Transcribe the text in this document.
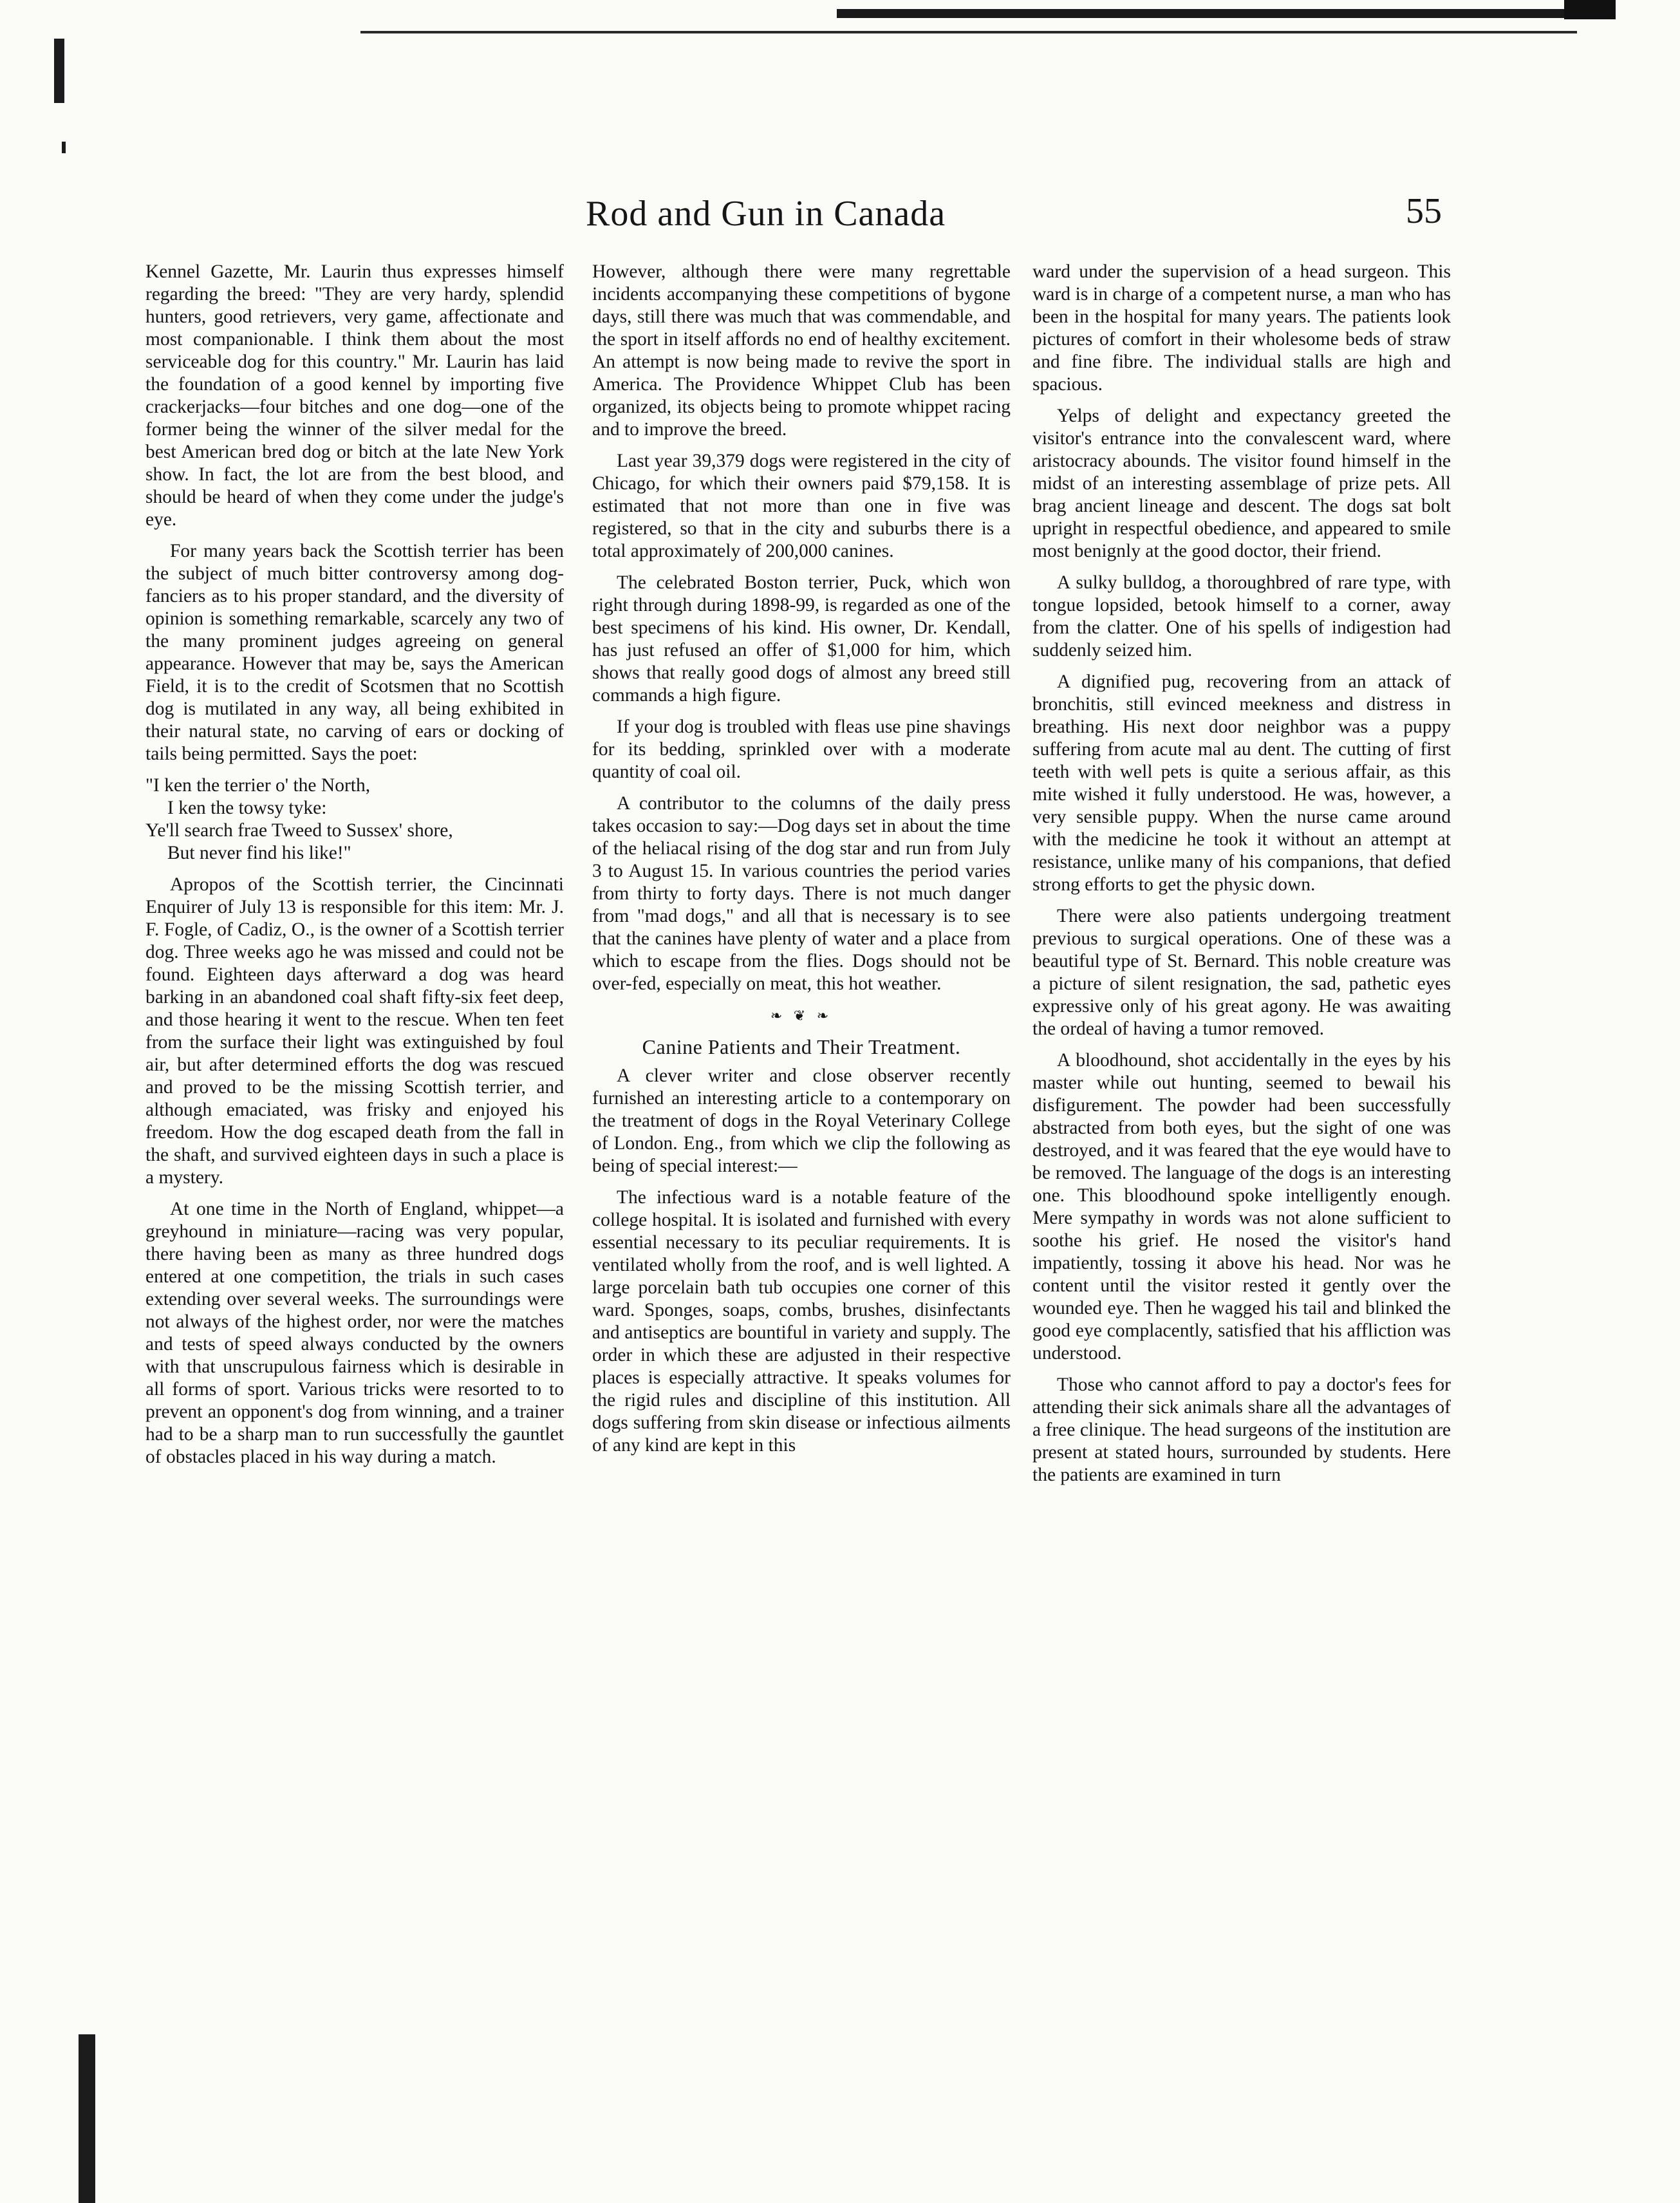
Rod and Gun in Canada	55

Kennel Gazette, Mr. Laurin thus expresses himself regarding the breed: "They are very hardy, splendid hunters, good retrievers, very game, affectionate and most companionable. I think them about the most serviceable dog for this country." Mr. Laurin has laid the foundation of a good kennel by importing five crackerjacks—four bitches and one dog—one of the former being the winner of the silver medal for the best American bred dog or bitch at the late New York show. In fact, the lot are from the best blood, and should be heard of when they come under the judge's eye.

For many years back the Scottish terrier has been the subject of much bitter controversy among dog-fanciers as to his proper standard, and the diversity of opinion is something remarkable, scarcely any two of the many prominent judges agreeing on general appearance. However that may be, says the American Field, it is to the credit of Scotsmen that no Scottish dog is mutilated in any way, all being exhibited in their natural state, no carving of ears or docking of tails being permitted. Says the poet:

"I ken the terrier o' the North,
I ken the towsy tyke:
Ye'll search frae Tweed to Sussex' shore,
But never find his like!"

Apropos of the Scottish terrier, the Cincinnati Enquirer of July 13 is responsible for this item: Mr. J. F. Fogle, of Cadiz, O., is the owner of a Scottish terrier dog. Three weeks ago he was missed and could not be found. Eighteen days afterward a dog was heard barking in an abandoned coal shaft fifty-six feet deep, and those hearing it went to the rescue. When ten feet from the surface their light was extinguished by foul air, but after determined efforts the dog was rescued and proved to be the missing Scottish terrier, and although emaciated, was frisky and enjoyed his freedom. How the dog escaped death from the fall in the shaft, and survived eighteen days in such a place is a mystery.

At one time in the North of England, whippet—a greyhound in miniature—racing was very popular, there having been as many as three hundred dogs entered at one competition, the trials in such cases extending over several weeks. The surroundings were not always of the highest order, nor were the matches and tests of speed always conducted by the owners with that unscrupulous fairness which is desirable in all forms of sport. Various tricks were resorted to to prevent an opponent's dog from winning, and a trainer had to be a sharp man to run successfully the gauntlet of obstacles placed in his way during a match.

However, although there were many regrettable incidents accompanying these competitions of bygone days, still there was much that was commendable, and the sport in itself affords no end of healthy excitement. An attempt is now being made to revive the sport in America. The Providence Whippet Club has been organized, its objects being to promote whippet racing and to improve the breed.

Last year 39,379 dogs were registered in the city of Chicago, for which their owners paid $79,158. It is estimated that not more than one in five was registered, so that in the city and suburbs there is a total approximately of 200,000 canines.

The celebrated Boston terrier, Puck, which won right through during 1898-99, is regarded as one of the best specimens of his kind. His owner, Dr. Kendall, has just refused an offer of $1,000 for him, which shows that really good dogs of almost any breed still commands a high figure.

If your dog is troubled with fleas use pine shavings for its bedding, sprinkled over with a moderate quantity of coal oil.

A contributor to the columns of the daily press takes occasion to say:—Dog days set in about the time of the heliacal rising of the dog star and run from July 3 to August 15. In various countries the period varies from thirty to forty days. There is not much danger from "mad dogs," and all that is necessary is to see that the canines have plenty of water and a place from which to escape from the flies. Dogs should not be over-fed, especially on meat, this hot weather.

❧ ❦ ❧
Canine Patients and Their Treatment.

A clever writer and close observer recently furnished an interesting article to a contemporary on the treatment of dogs in the Royal Veterinary College of London. Eng., from which we clip the following as being of special interest:—

The infectious ward is a notable feature of the college hospital. It is isolated and furnished with every essential necessary to its peculiar requirements. It is ventilated wholly from the roof, and is well lighted. A large porcelain bath tub occupies one corner of this ward. Sponges, soaps, combs, brushes, disinfectants and antiseptics are bountiful in variety and supply. The order in which these are adjusted in their respective places is especially attractive. It speaks volumes for the rigid rules and discipline of this institution. All dogs suffering from skin disease or infectious ailments of any kind are kept in this

ward under the supervision of a head surgeon. This ward is in charge of a competent nurse, a man who has been in the hospital for many years. The patients look pictures of comfort in their wholesome beds of straw and fine fibre. The individual stalls are high and spacious.

Yelps of delight and expectancy greeted the visitor's entrance into the convalescent ward, where aristocracy abounds. The visitor found himself in the midst of an interesting assemblage of prize pets. All brag ancient lineage and descent. The dogs sat bolt upright in respectful obedience, and appeared to smile most benignly at the good doctor, their friend.

A sulky bulldog, a thoroughbred of rare type, with tongue lopsided, betook himself to a corner, away from the clatter. One of his spells of indigestion had suddenly seized him.

A dignified pug, recovering from an attack of bronchitis, still evinced meekness and distress in breathing. His next door neighbor was a puppy suffering from acute mal au dent. The cutting of first teeth with well pets is quite a serious affair, as this mite wished it fully understood. He was, however, a very sensible puppy. When the nurse came around with the medicine he took it without an attempt at resistance, unlike many of his companions, that defied strong efforts to get the physic down.

There were also patients undergoing treatment previous to surgical operations. One of these was a beautiful type of St. Bernard. This noble creature was a picture of silent resignation, the sad, pathetic eyes expressive only of his great agony. He was awaiting the ordeal of having a tumor removed.

A bloodhound, shot accidentally in the eyes by his master while out hunting, seemed to bewail his disfigurement. The powder had been successfully abstracted from both eyes, but the sight of one was destroyed, and it was feared that the eye would have to be removed. The language of the dogs is an interesting one. This bloodhound spoke intelligently enough. Mere sympathy in words was not alone sufficient to soothe his grief. He nosed the visitor's hand impatiently, tossing it above his head. Nor was he content until the visitor rested it gently over the wounded eye. Then he wagged his tail and blinked the good eye complacently, satisfied that his affliction was understood.

Those who cannot afford to pay a doctor's fees for attending their sick animals share all the advantages of a free clinique. The head surgeons of the institution are present at stated hours, surrounded by students. Here the patients are examined in turn
